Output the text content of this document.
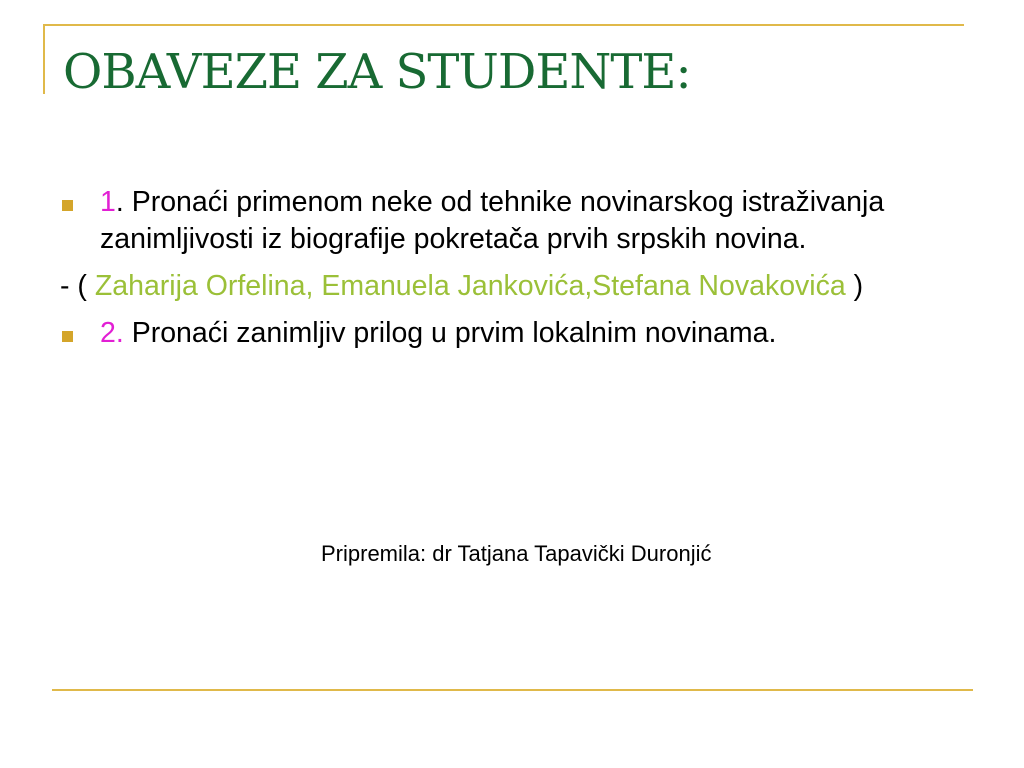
OBAVEZE ZA STUDENTE:
1. Pronaći primenom neke od tehnike novinarskog istraživanja zanimljivosti iz biografije pokretača prvih srpskih novina.
- ( Zaharija Orfelina, Emanuela Jankovića,Stefana Novakovića )
2. Pronaći zanimljiv prilog u prvim lokalnim novinama.
Pripremila: dr Tatjana Tapavički Duronjić
